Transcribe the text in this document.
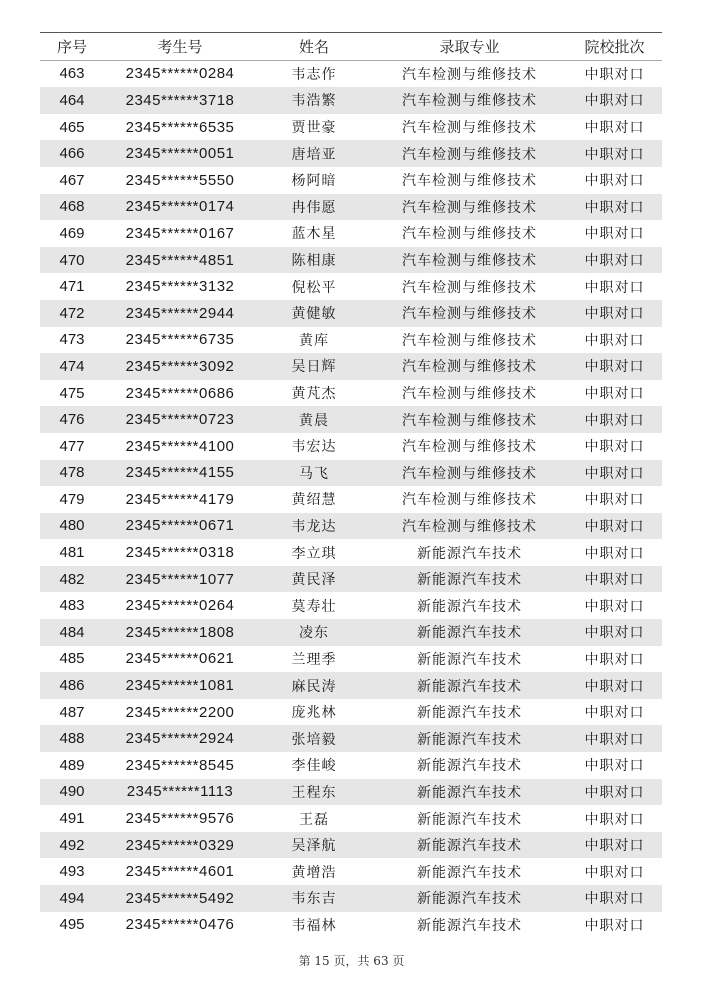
序号	考生号	姓名	录取专业	院校批次
463	2345******0284	韦志作	汽车检测与维修技术	中职对口
464	2345******3718	韦浩繁	汽车检测与维修技术	中职对口
465	2345******6535	贾世豪	汽车检测与维修技术	中职对口
466	2345******0051	唐培亚	汽车检测与维修技术	中职对口
467	2345******5550	杨阿暗	汽车检测与维修技术	中职对口
468	2345******0174	冉伟愿	汽车检测与维修技术	中职对口
469	2345******0167	蓝木星	汽车检测与维修技术	中职对口
470	2345******4851	陈相康	汽车检测与维修技术	中职对口
471	2345******3132	倪松平	汽车检测与维修技术	中职对口
472	2345******2944	黄健敏	汽车检测与维修技术	中职对口
473	2345******6735	黄库	汽车检测与维修技术	中职对口
474	2345******3092	吴日辉	汽车检测与维修技术	中职对口
475	2345******0686	黄芃杰	汽车检测与维修技术	中职对口
476	2345******0723	黄晨	汽车检测与维修技术	中职对口
477	2345******4100	韦宏达	汽车检测与维修技术	中职对口
478	2345******4155	马飞	汽车检测与维修技术	中职对口
479	2345******4179	黄绍慧	汽车检测与维修技术	中职对口
480	2345******0671	韦龙达	汽车检测与维修技术	中职对口
481	2345******0318	李立琪	新能源汽车技术	中职对口
482	2345******1077	黄民泽	新能源汽车技术	中职对口
483	2345******0264	莫寿壮	新能源汽车技术	中职对口
484	2345******1808	凌东	新能源汽车技术	中职对口
485	2345******0621	兰理季	新能源汽车技术	中职对口
486	2345******1081	麻民涛	新能源汽车技术	中职对口
487	2345******2200	庞兆林	新能源汽车技术	中职对口
488	2345******2924	张培毅	新能源汽车技术	中职对口
489	2345******8545	李佳峻	新能源汽车技术	中职对口
490	2345******1113	王程东	新能源汽车技术	中职对口
491	2345******9576	王磊	新能源汽车技术	中职对口
492	2345******0329	吴泽航	新能源汽车技术	中职对口
493	2345******4601	黄增浩	新能源汽车技术	中职对口
494	2345******5492	韦东吉	新能源汽车技术	中职对口
495	2345******0476	韦福林	新能源汽车技术	中职对口
第 15 页，共 63 页
